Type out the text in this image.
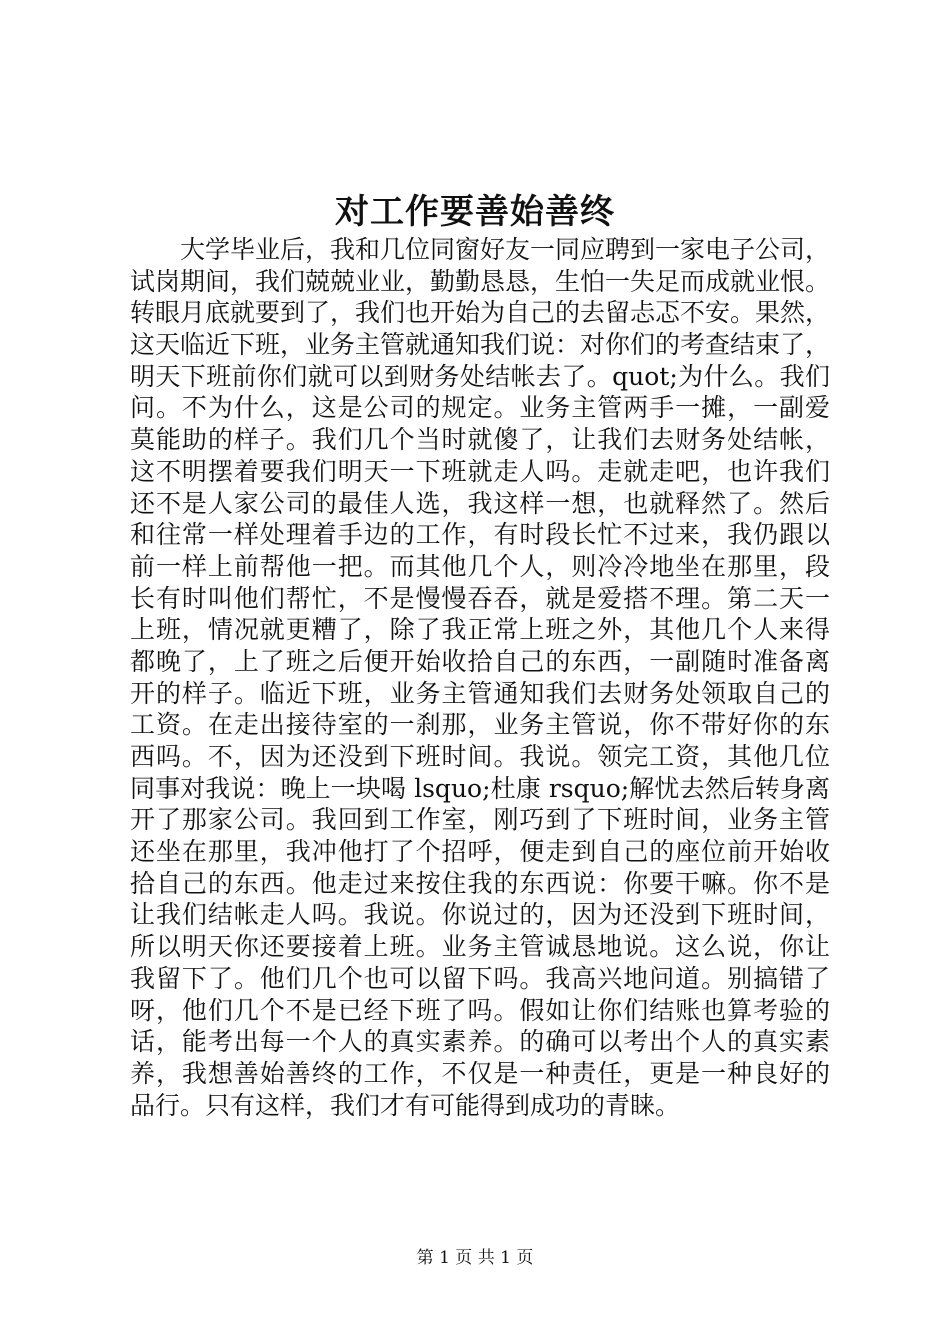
对工作要善始善终
　　大学毕业后，我和几位同窗好友一同应聘到一家电子公司，
试岗期间，我们兢兢业业，勤勤恳恳，生怕一失足而成就业恨。
转眼月底就要到了，我们也开始为自己的去留忐忑不安。果然，
这天临近下班，业务主管就通知我们说：对你们的考查结束了，
明天下班前你们就可以到财务处结帐去了。quot;为什么。我们
问。不为什么，这是公司的规定。业务主管两手一摊，一副爱
莫能助的样子。我们几个当时就傻了，让我们去财务处结帐，
这不明摆着要我们明天一下班就走人吗。走就走吧，也许我们
还不是人家公司的最佳人选，我这样一想，也就释然了。然后
和往常一样处理着手边的工作，有时段长忙不过来，我仍跟以
前一样上前帮他一把。而其他几个人，则冷冷地坐在那里，段
长有时叫他们帮忙，不是慢慢吞吞，就是爱搭不理。第二天一
上班，情况就更糟了，除了我正常上班之外，其他几个人来得
都晚了，上了班之后便开始收拾自己的东西，一副随时准备离
开的样子。临近下班，业务主管通知我们去财务处领取自己的
工资。在走出接待室的一刹那，业务主管说，你不带好你的东
西吗。不，因为还没到下班时间。我说。领完工资，其他几位
同事对我说：晚上一块喝 lsquo;杜康 rsquo;解忧去然后转身离
开了那家公司。我回到工作室，刚巧到了下班时间，业务主管
还坐在那里，我冲他打了个招呼，便走到自己的座位前开始收
拾自己的东西。他走过来按住我的东西说：你要干嘛。你不是
让我们结帐走人吗。我说。你说过的，因为还没到下班时间，
所以明天你还要接着上班。业务主管诚恳地说。这么说，你让
我留下了。他们几个也可以留下吗。我高兴地问道。别搞错了
呀，他们几个不是已经下班了吗。假如让你们结账也算考验的
话，能考出每一个人的真实素养。的确可以考出个人的真实素
养，我想善始善终的工作，不仅是一种责任，更是一种良好的
品行。只有这样，我们才有可能得到成功的青睐。
第 1 页 共 1 页
